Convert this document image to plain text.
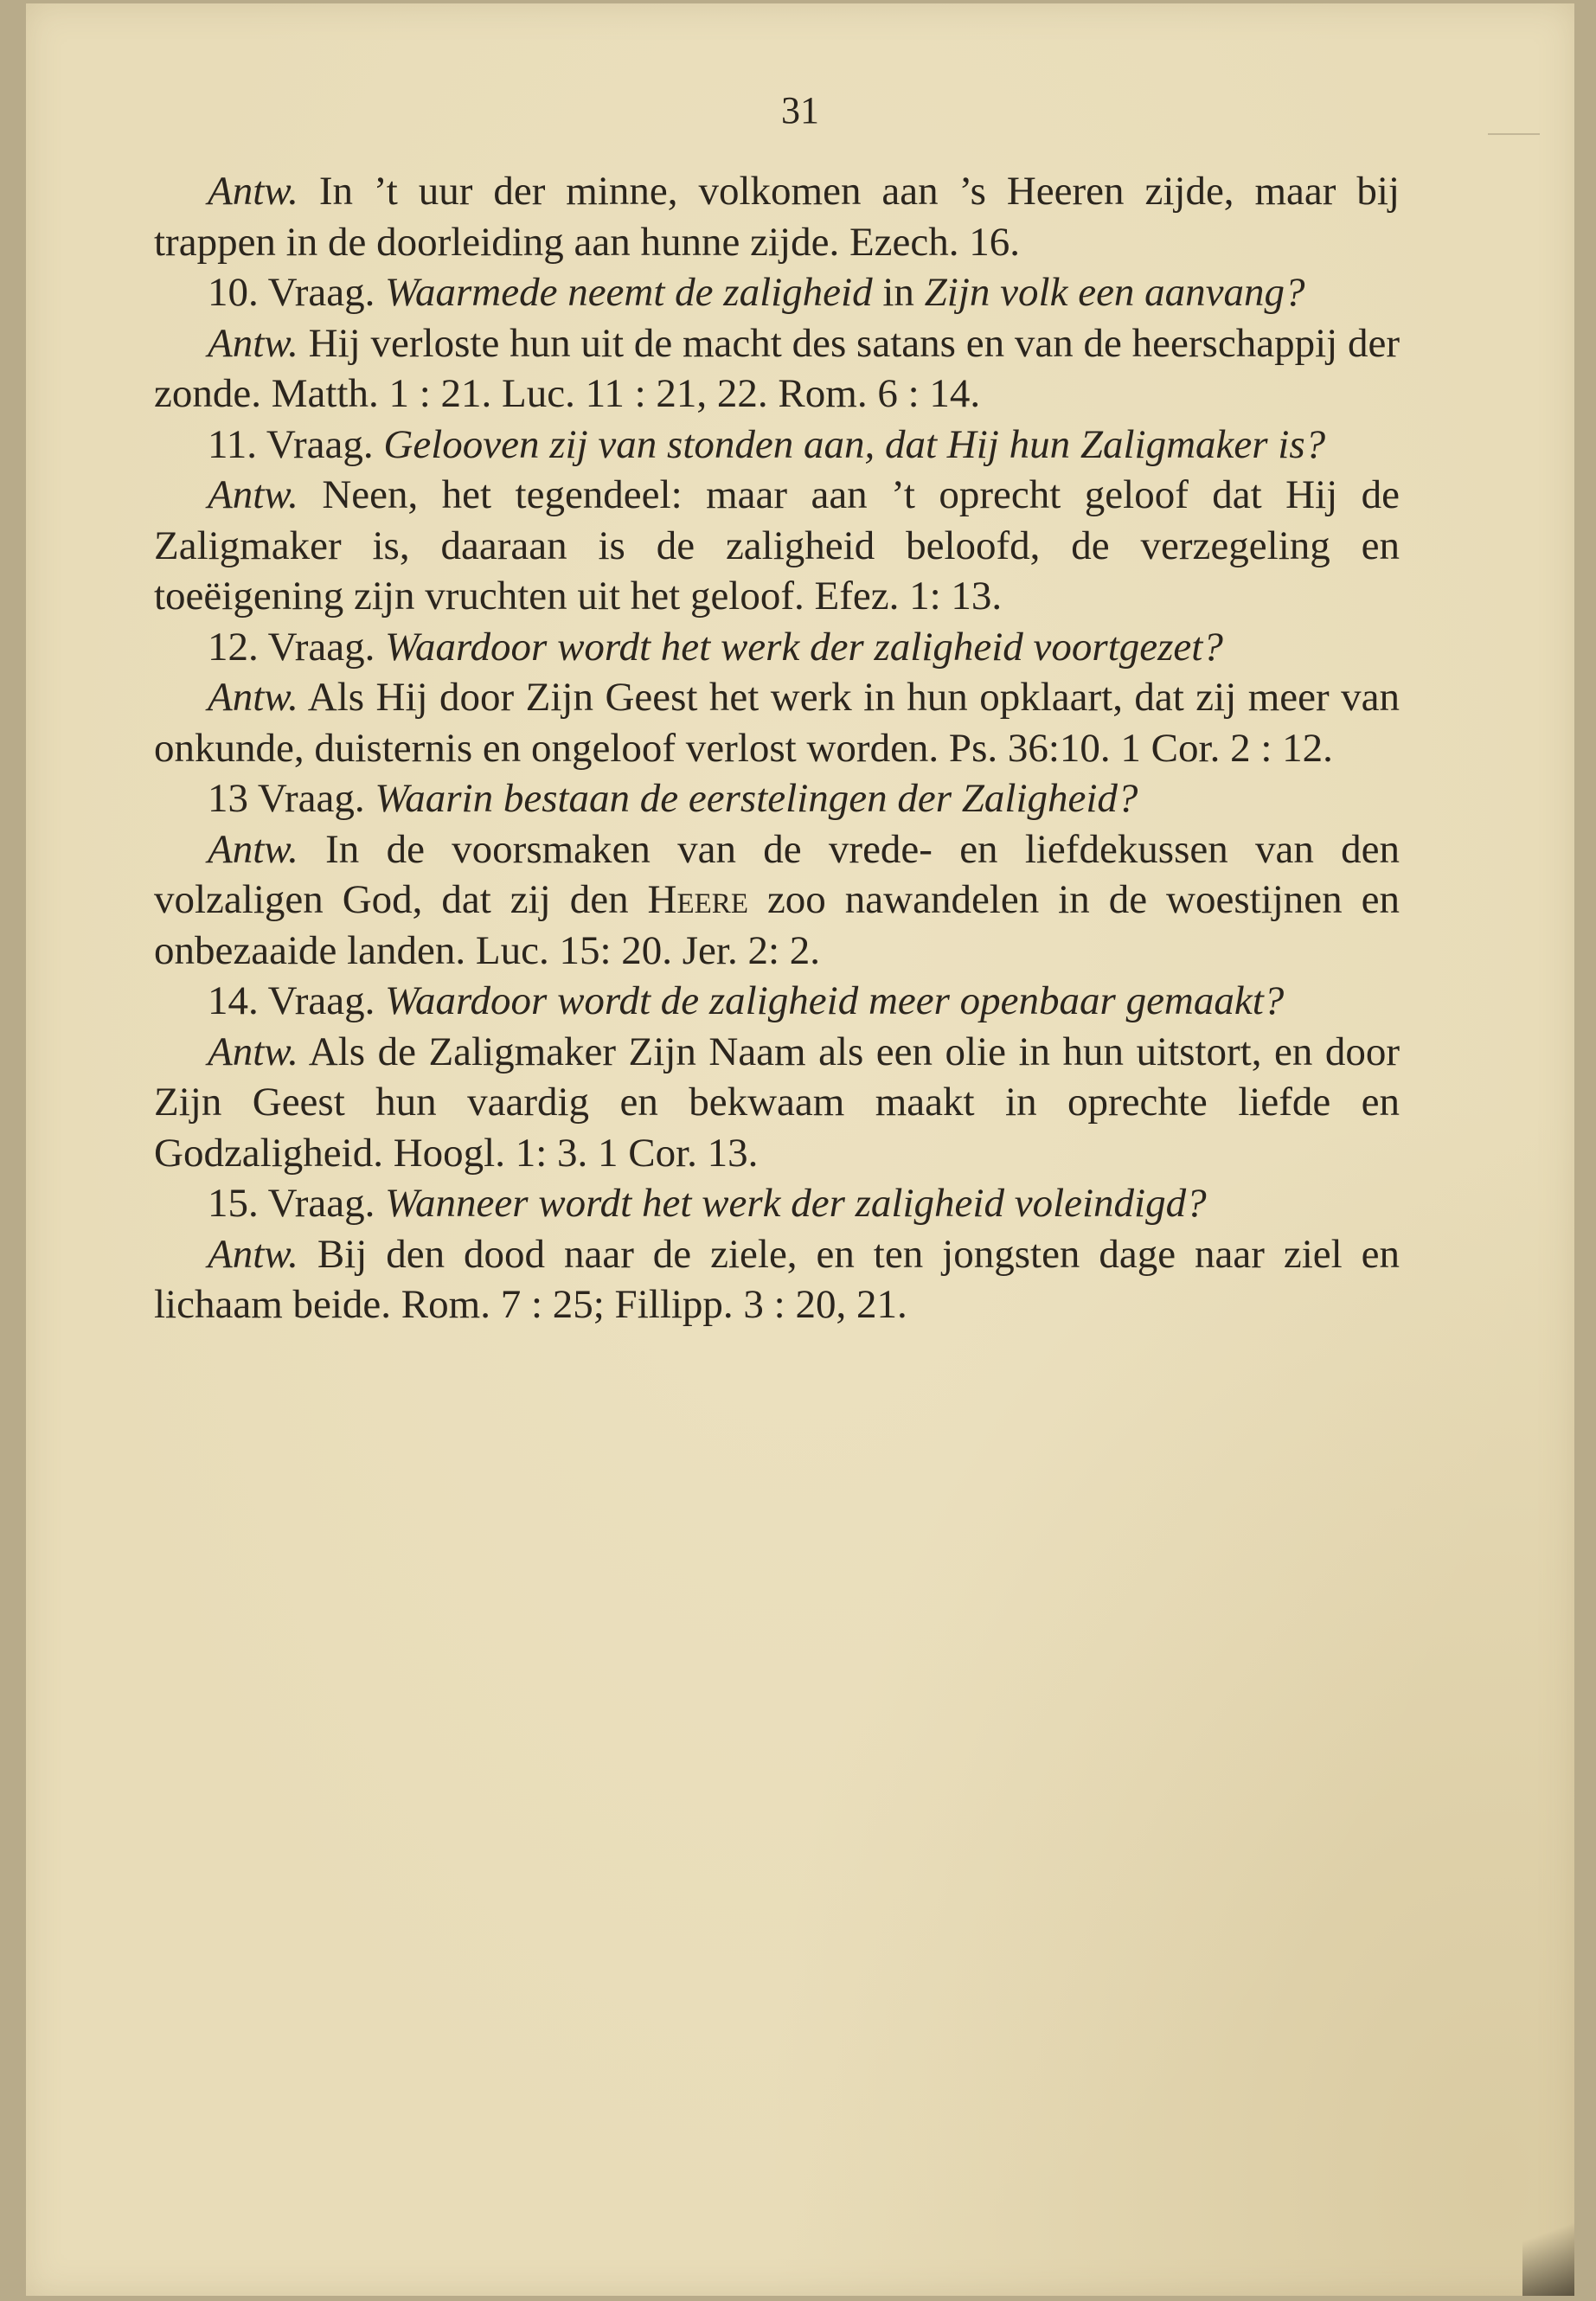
31

Antw. In ’t uur der minne, volkomen aan ’s Heeren zijde, maar bij trappen in de doorleiding aan hunne zijde. Ezech. 16.

10. Vraag. Waarmede neemt de zaligheid in Zijn volk een aanvang?

Antw. Hij verloste hun uit de macht des satans en van de heerschappij der zonde. Matth. 1 : 21. Luc. 11 : 21, 22. Rom. 6 : 14.

11. Vraag. Gelooven zij van stonden aan, dat Hij hun Zaligmaker is?

Antw. Neen, het tegendeel: maar aan ’t oprecht geloof dat Hij de Zaligmaker is, daaraan is de zaligheid beloofd, de verzegeling en toeëigening zijn vruchten uit het geloof. Efez. 1: 13.

12. Vraag. Waardoor wordt het werk der zaligheid voortgezet?

Antw. Als Hij door Zijn Geest het werk in hun opklaart, dat zij meer van onkunde, duisternis en ongeloof verlost worden. Ps. 36:10. 1 Cor. 2 : 12.

13 Vraag. Waarin bestaan de eerstelingen der Zaligheid?

Antw. In de voorsmaken van de vrede- en liefdekussen van den volzaligen God, dat zij den Heere zoo nawandelen in de woestijnen en onbezaaide landen. Luc. 15: 20. Jer. 2: 2.

14. Vraag. Waardoor wordt de zaligheid meer openbaar gemaakt?

Antw. Als de Zaligmaker Zijn Naam als een olie in hun uitstort, en door Zijn Geest hun vaardig en bekwaam maakt in oprechte liefde en Godzaligheid. Hoogl. 1: 3. 1 Cor. 13.

15. Vraag. Wanneer wordt het werk der zaligheid voleindigd?

Antw. Bij den dood naar de ziele, en ten jongsten dage naar ziel en lichaam beide. Rom. 7 : 25; Fillipp. 3 : 20, 21.
